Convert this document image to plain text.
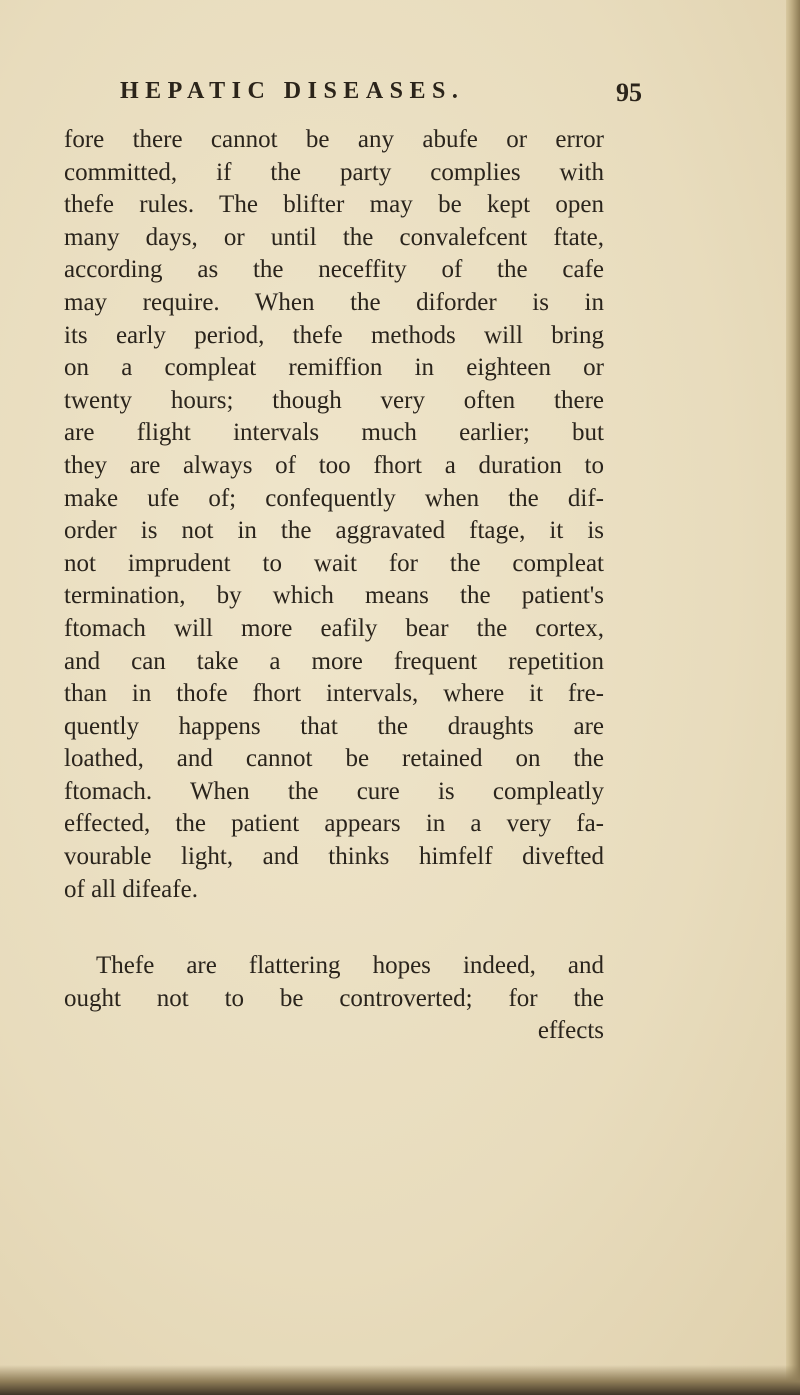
HEPATIC DISEASES.	95
fore there cannot be any abufe or error
committed, if the party complies with
thefe rules. The blifter may be kept open
many days, or until the convalefcent ftate,
according as the neceffity of the cafe
may require. When the diforder is in
its early period, thefe methods will bring
on a compleat remiffion in eighteen or
twenty hours; though very often there
are flight intervals much earlier; but
they are always of too fhort a duration to
make ufe of; confequently when the dif-
order is not in the aggravated ftage, it is
not imprudent to wait for the compleat
termination, by which means the patient's
ftomach will more eafily bear the cortex,
and can take a more frequent repetition
than in thofe fhort intervals, where it fre-
quently happens that the draughts are
loathed, and cannot be retained on the
ftomach. When the cure is compleatly
effected, the patient appears in a very fa-
vourable light, and thinks himfelf divefted
of all difeafe.
Thefe are flattering hopes indeed, and
ought not to be controverted; for the
effects
